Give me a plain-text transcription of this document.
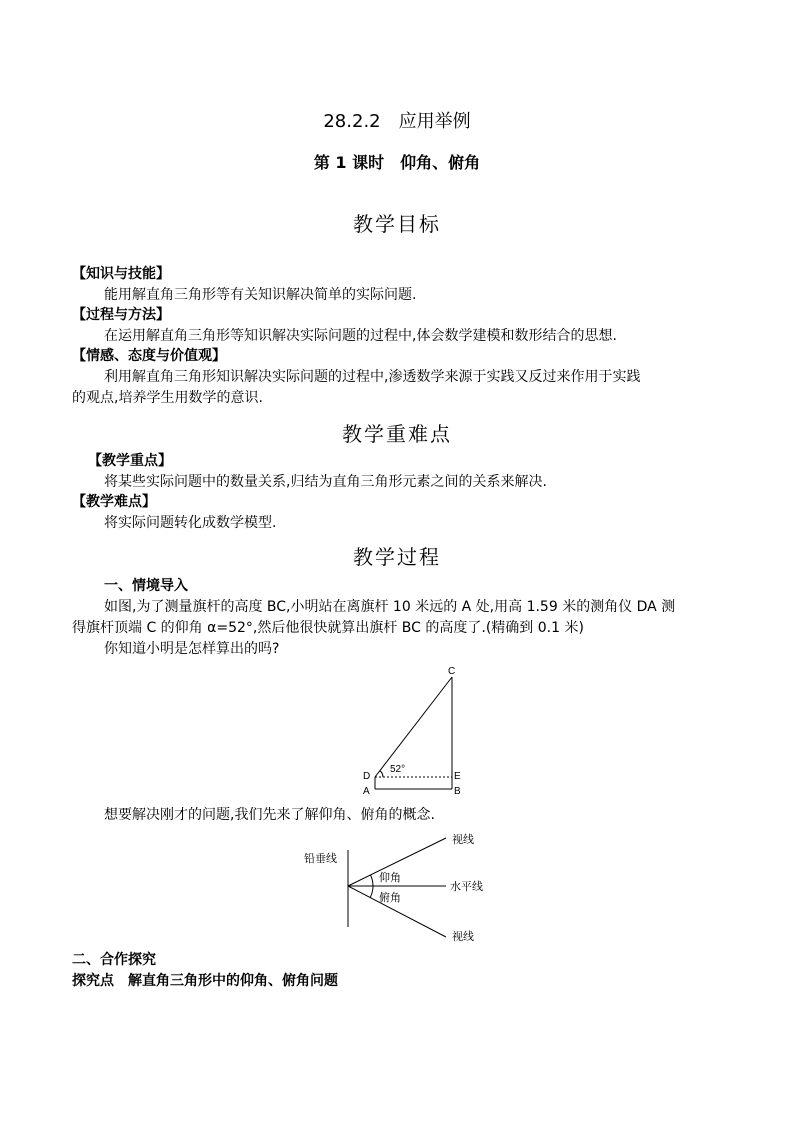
28.2.2　应用举例
第 1 课时　仰角、俯角
教学目标
【知识与技能】
能用解直角三角形等有关知识解决简单的实际问题.
【过程与方法】
在运用解直角三角形等知识解决实际问题的过程中,体会数学建模和数形结合的思想.
【情感、态度与价值观】
利用解直角三角形知识解决实际问题的过程中,渗透数学来源于实践又反过来作用于实践
的观点,培养学生用数学的意识.
教学重难点
【教学重点】
将某些实际问题中的数量关系,归结为直角三角形元素之间的关系来解决.
【教学难点】
将实际问题转化成数学模型.
教学过程
一、情境导入
如图,为了测量旗杆的高度 BC,小明站在离旗杆 10 米远的 A 处,用高 1.59 米的测角仪 DA 测
得旗杆顶端 C 的仰角 α=52°,然后他很快就算出旗杆 BC 的高度了.(精确到 0.1 米)
你知道小明是怎样算出的吗?
C
D	E
A	B
52°
想要解决刚才的问题,我们先来了解仰角、俯角的概念.
铅垂线
视线
仰角
水平线
俯角
视线
二、合作探究
探究点　解直角三角形中的仰角、俯角问题
